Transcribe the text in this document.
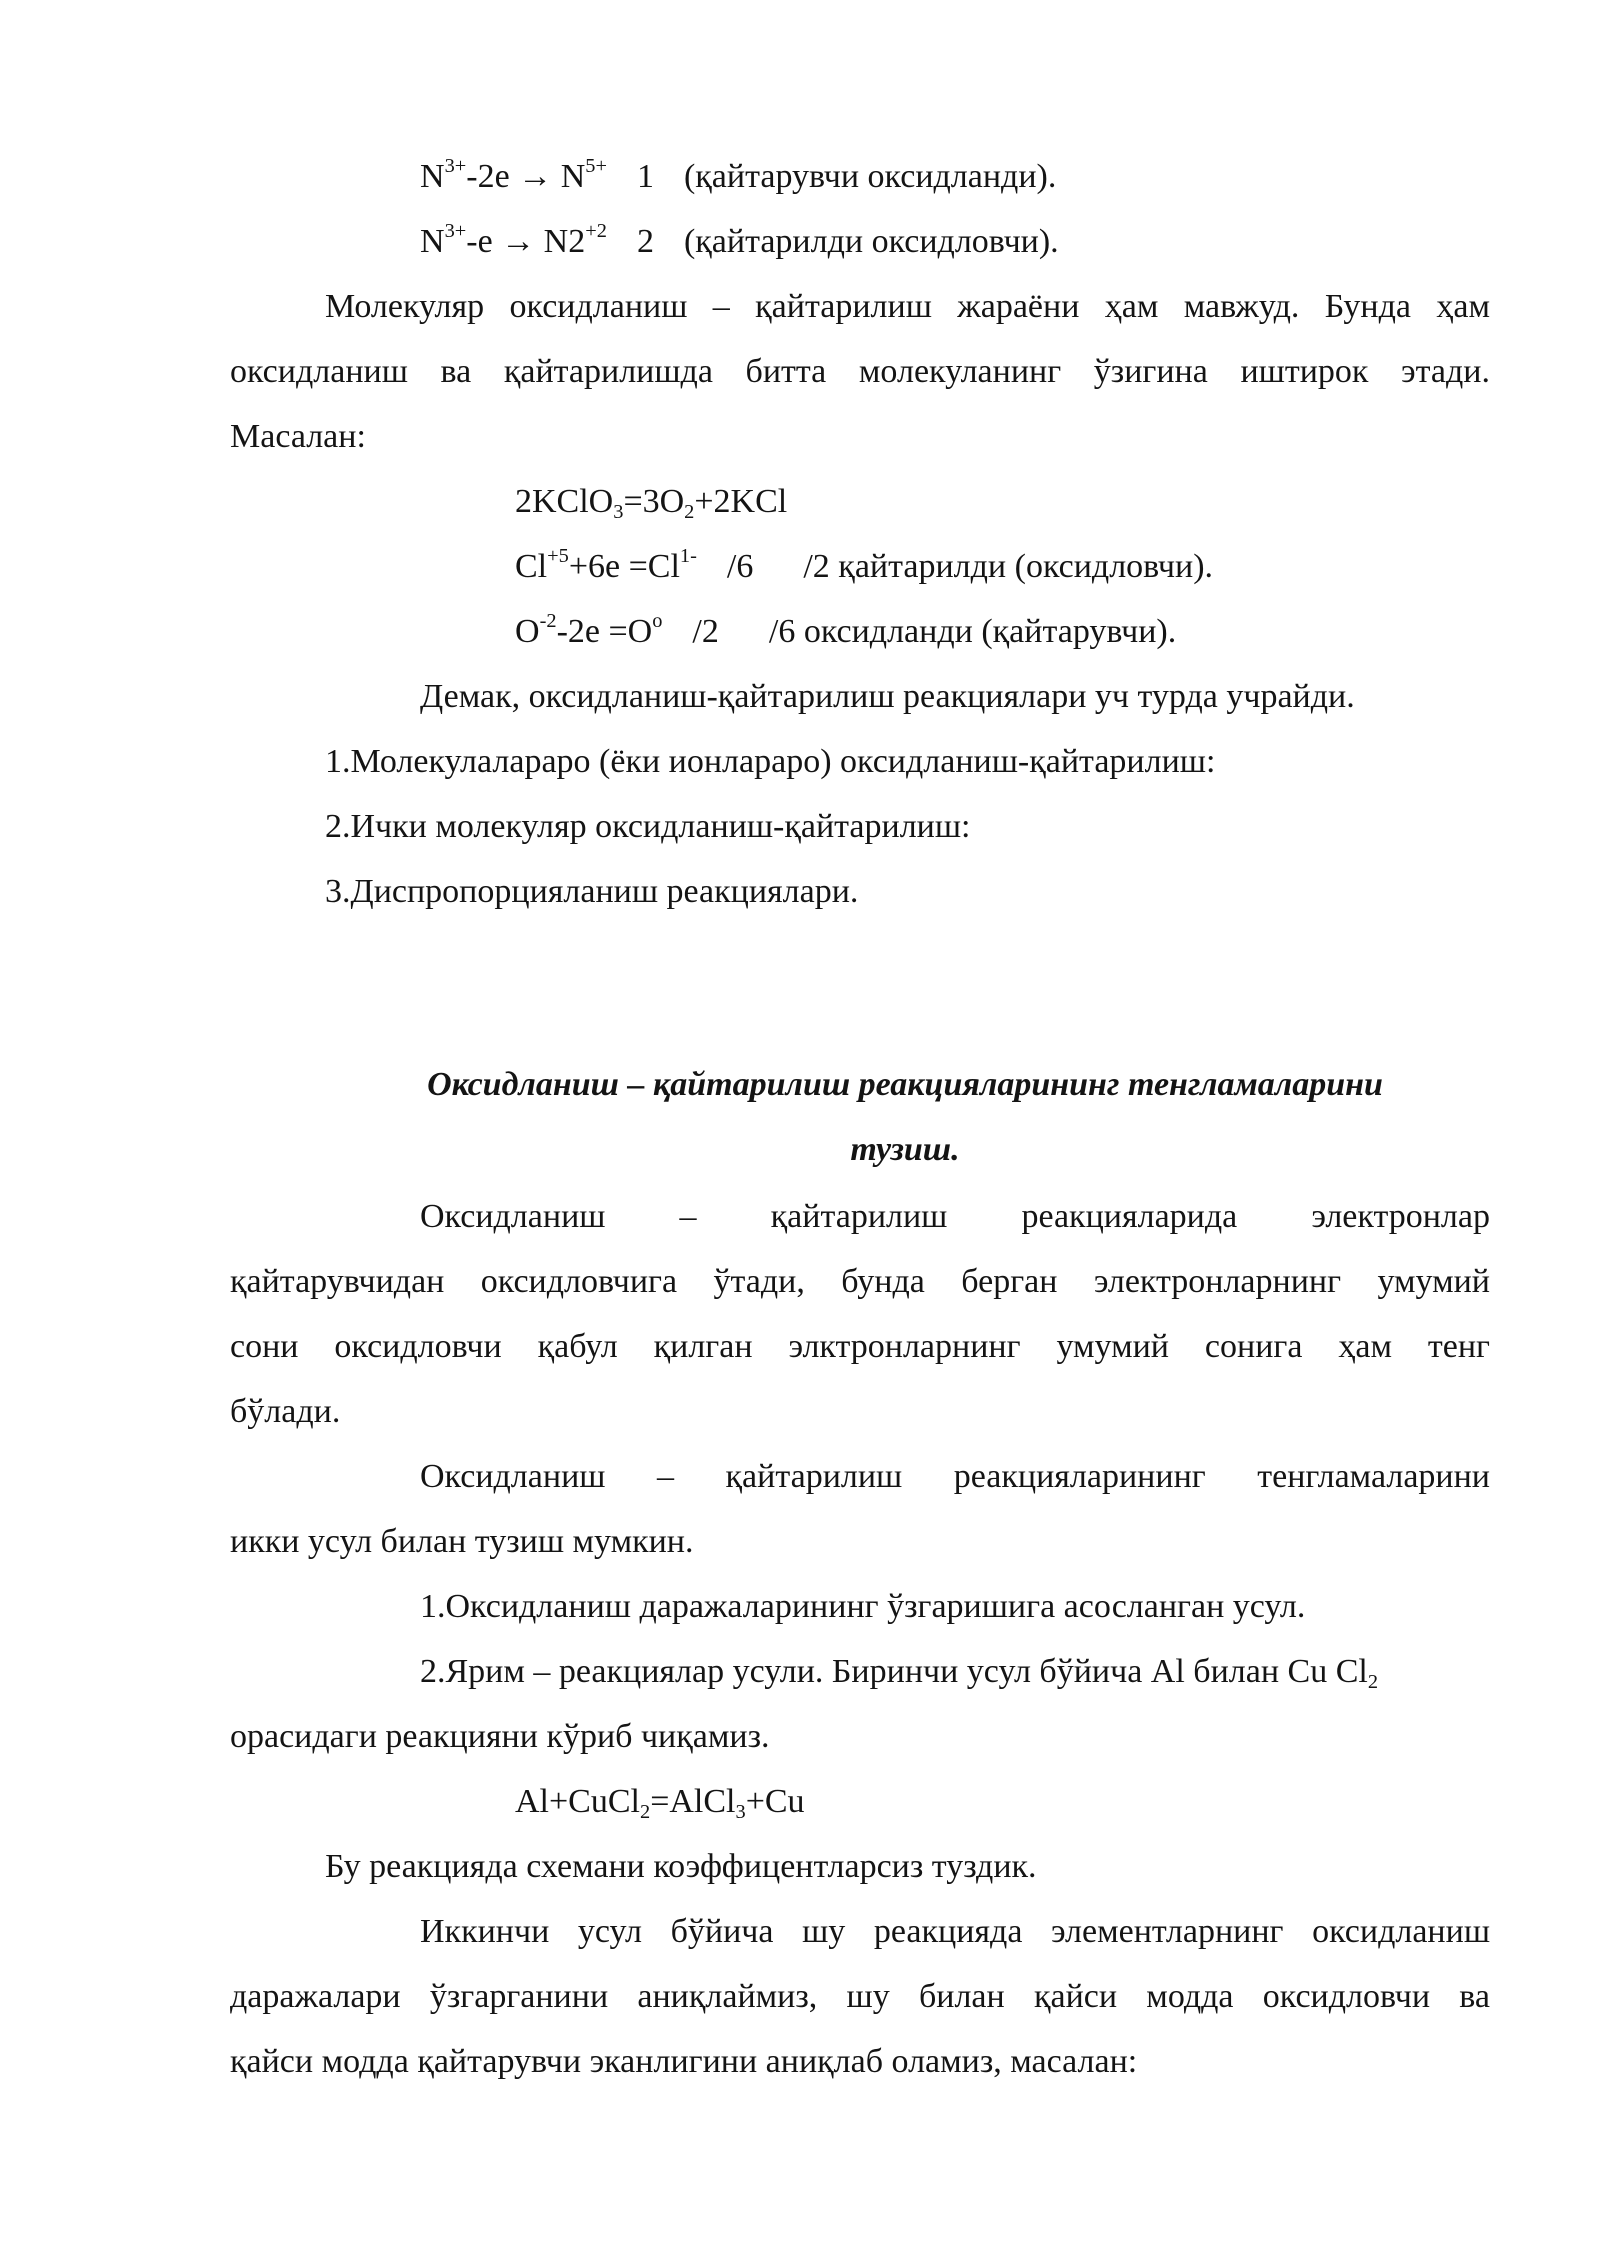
$N^{3+}-2e \to N^{5+}$ 1 (қайтарувчи оксидланди).
$N^{3+}-e \to N2^{+2}$ 2 (қайтарилди оксидловчи).
Молекуляр оксидланиш – қайтарилиш жараёни ҳам мавжуд. Бунда ҳам
оксидланиш ва қайтарилишда битта молекуланинг ўзигина иштирок этади.
Масалан:
$2KClO_3=3O_2+2KCl$
$Cl^{+5}+6e =Cl^{1-}$ /6 /2 қайтарилди (оксидловчи).
$O^{-2}-2e =O^o$ /2 /6 оксидланди (қайтарувчи).
Демак, оксидланиш-қайтарилиш реакциялари уч турда учрайди.
1.Молекулалараро (ёки ионлараро) оксидланиш-қайтарилиш:
2.Ички молекуляр оксидланиш-қайтарилиш:
3.Диспропорцияланиш реакциялари.
Оксидланиш – қайтарилиш реакцияларининг тенгламаларини
тузиш.
Оксидланиш – қайтарилиш реакцияларида электронлар
қайтарувчидан оксидловчига ўтади, бунда берган электронларнинг умумий
сони оксидловчи қабул қилган элктронларнинг умумий сонига ҳам тенг
бўлади.
Оксидланиш – қайтарилиш реакцияларининг тенгламаларини
икки усул билан тузиш мумкин.
1.Оксидланиш даражаларининг ўзгаришига асосланган усул.
2.Ярим – реакциялар усули. Биринчи усул бўйича Al билан Cu $Cl_2$
орасидаги реакцияни кўриб чиқамиз.
Al+CuCl$_2$=AlCl$_3$+Cu
Бу реакцияда схемани коэффицентларсиз туздик.
Иккинчи усул бўйича шу реакцияда элементларнинг оксидланиш
даражалари ўзгарганини аниқлаймиз, шу билан қайси модда оксидловчи ва
қайси модда қайтарувчи эканлигини аниқлаб оламиз, масалан:
